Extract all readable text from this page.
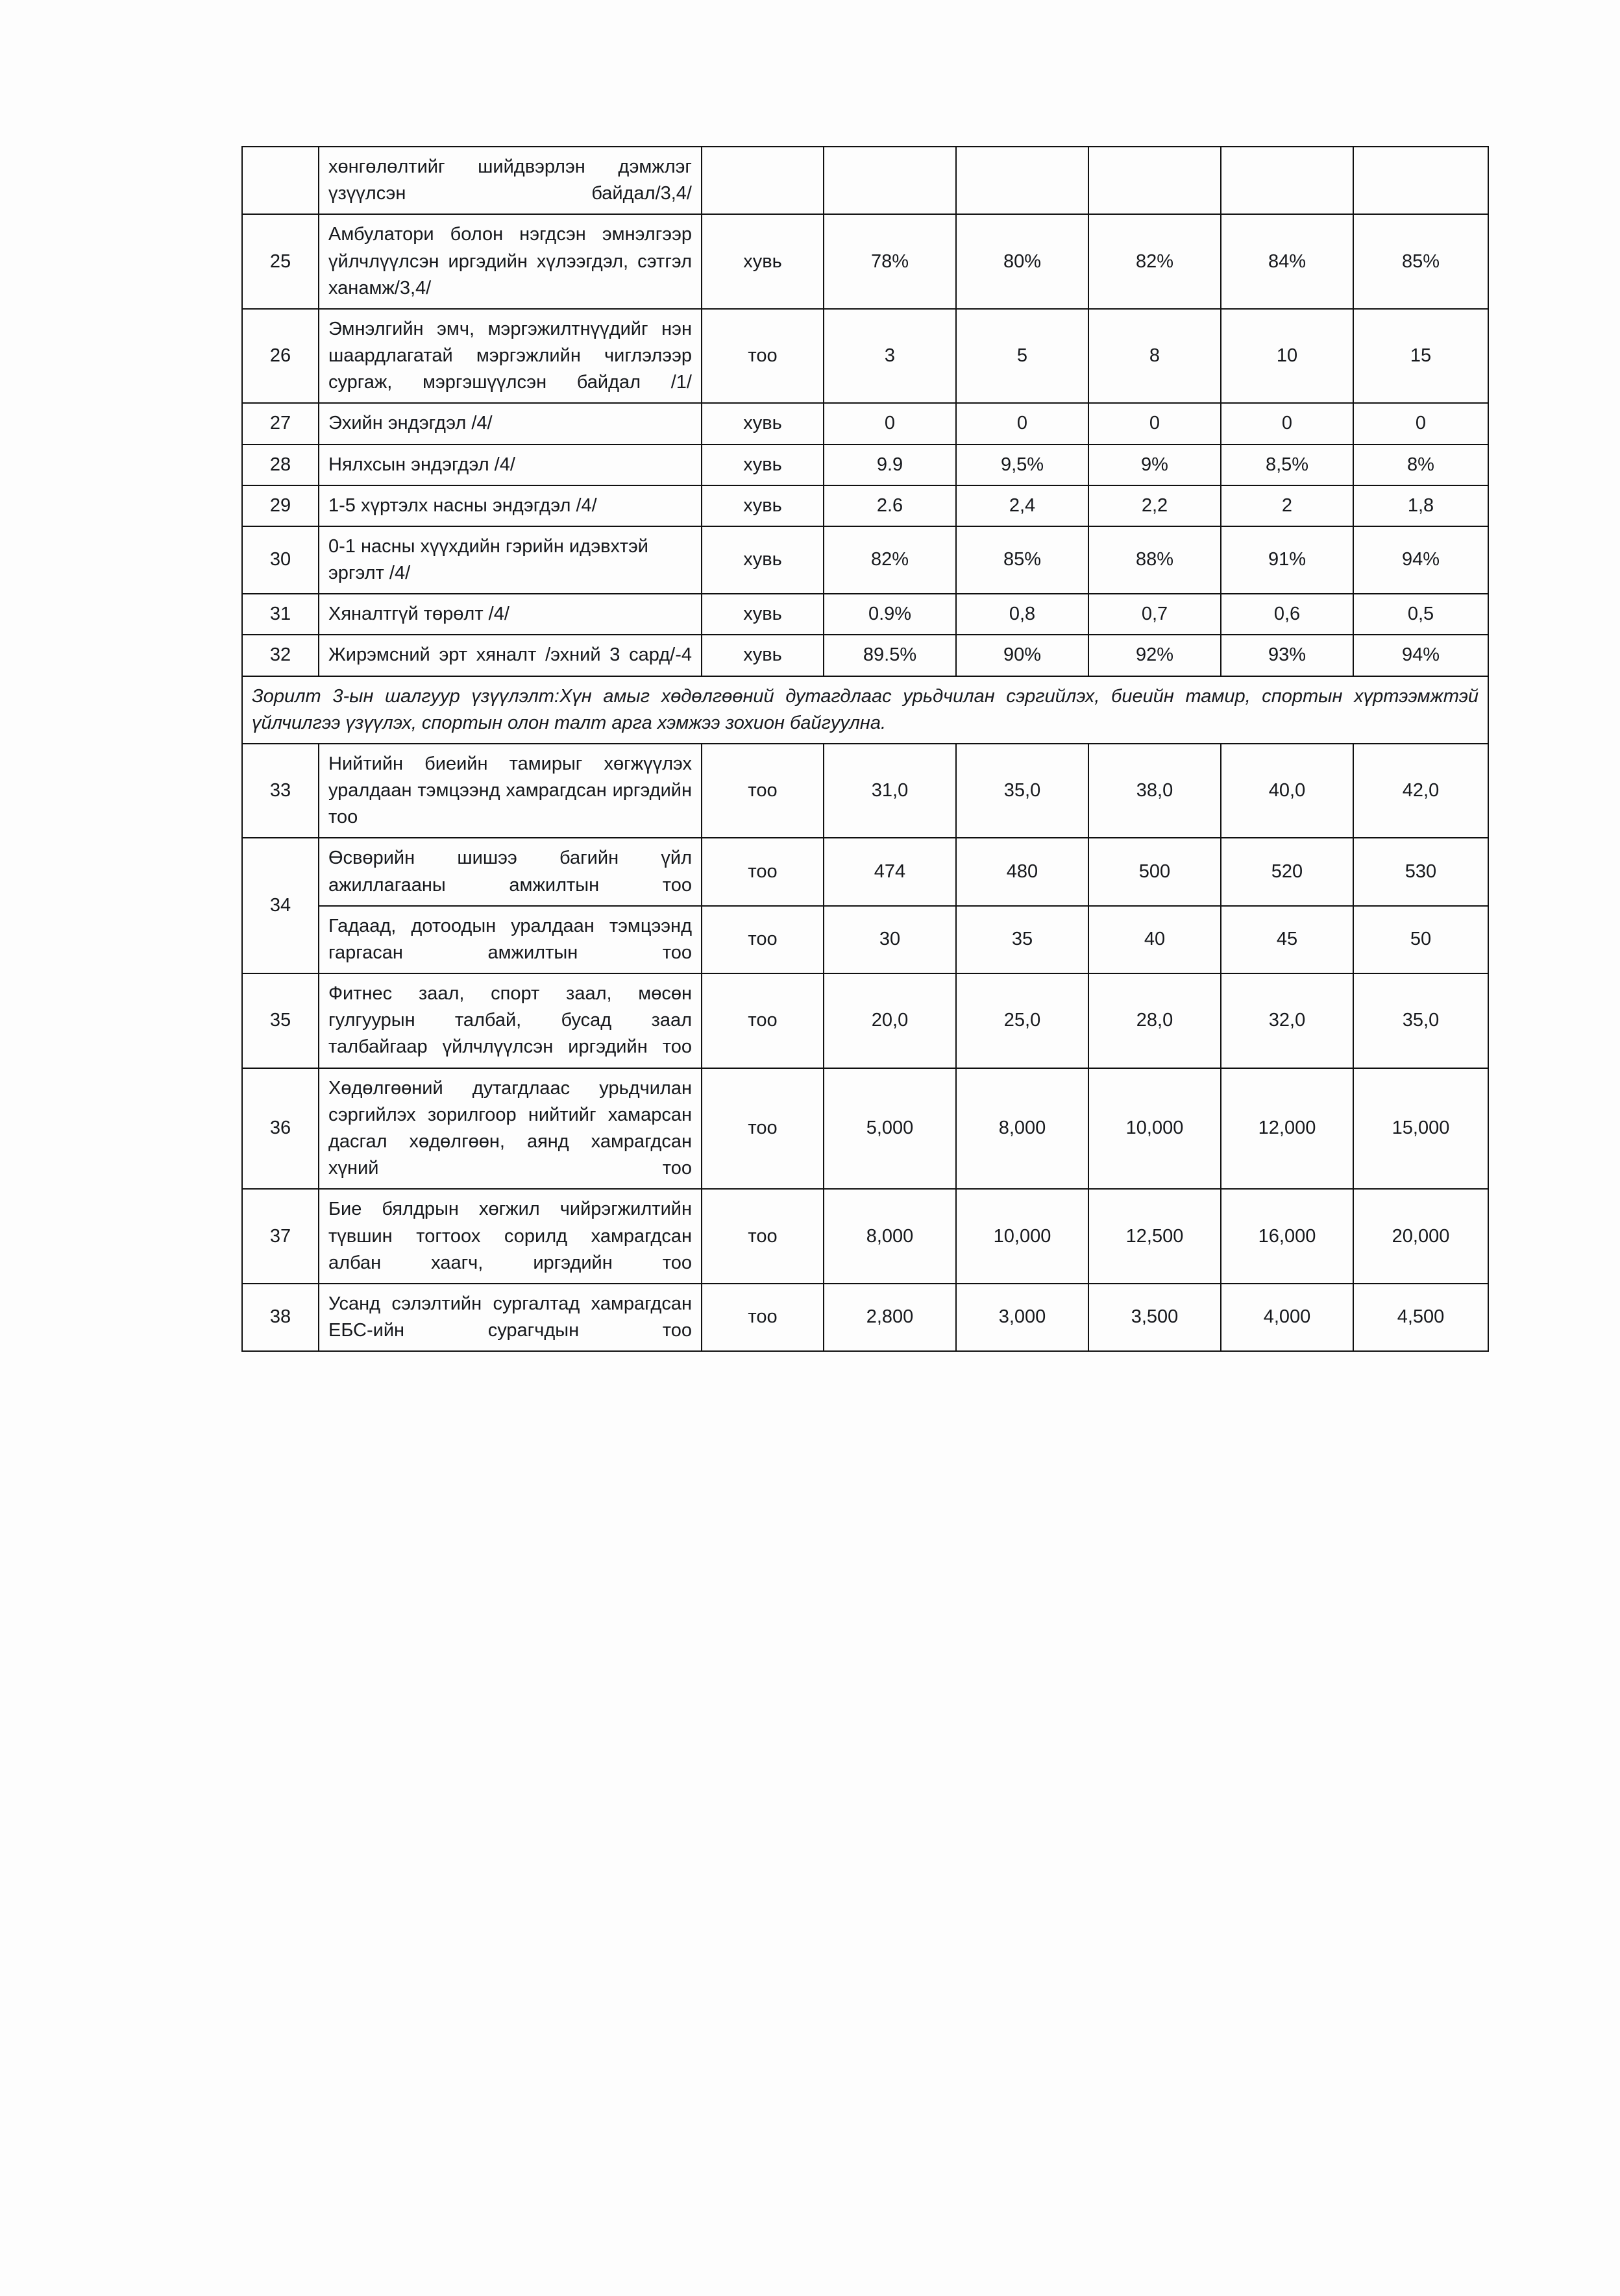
	хөнгөлөлтийг шийдвэрлэн дэмжлэг үзүүлсэн байдал/3,4/						
25	Амбулатори болон нэгдсэн эмнэлгээр үйлчлүүлсэн иргэдийн хүлээгдэл, сэтгэл ханамж/3,4/	хувь	78%	80%	82%	84%	85%
26	Эмнэлгийн эмч, мэргэжилтнүүдийг нэн шаардлагатай мэргэжлийн чиглэлээр сургаж, мэргэшүүлсэн байдал /1/	тоо	3	5	8	10	15
27	Эхийн эндэгдэл /4/	хувь	0	0	0	0	0
28	Нялхсын эндэгдэл /4/	хувь	9.9	9,5%	9%	8,5%	8%
29	1-5 хүртэлх насны эндэгдэл /4/	хувь	2.6	2,4	2,2	2	1,8
30	0-1 насны хүүхдийн гэрийн идэвхтэй эргэлт /4/	хувь	82%	85%	88%	91%	94%
31	Хяналтгүй төрөлт /4/	хувь	0.9%	0,8	0,7	0,6	0,5
32	Жирэмсний эрт хяналт /эхний 3 сард/-4	хувь	89.5%	90%	92%	93%	94%
Зорилт 3-ын шалгуур үзүүлэлт:Хүн амыг хөдөлгөөний дутагдлаас урьдчилан сэргийлэх, биеийн тамир, спортын хүртээмжтэй үйлчилгээ үзүүлэх, спортын олон талт арга хэмжээ зохион байгуулна.							
33	Нийтийн биеийн тамирыг хөгжүүлэх уралдаан тэмцээнд хамрагдсан иргэдийн тоо	тоо	31,0	35,0	38,0	40,0	42,0
34	Өсвөрийн шишээ багийн үйл ажиллагааны амжилтын тоо	тоо	474	480	500	520	530
	Гадаад, дотоодын уралдаан тэмцээнд гаргасан амжилтын тоо	тоо	30	35	40	45	50
35	Фитнес заал, спорт заал, мөсөн гулгуурын талбай, бусад заал талбайгаар үйлчлүүлсэн иргэдийн тоо	тоо	20,0	25,0	28,0	32,0	35,0
36	Хөдөлгөөний дутагдлаас урьдчилан сэргийлэх зорилгоор нийтийг хамарсан дасгал хөдөлгөөн, аянд хамрагдсан хүний тоо	тоо	5,000	8,000	10,000	12,000	15,000
37	Бие бялдрын хөгжил чийрэгжилтийн түвшин тогтоох сорилд хамрагдсан албан хаагч, иргэдийн тоо	тоо	8,000	10,000	12,500	16,000	20,000
38	Усанд сэлэлтийн сургалтад хамрагдсан ЕБС-ийн сурагчдын тоо	тоо	2,800	3,000	3,500	4,000	4,500
